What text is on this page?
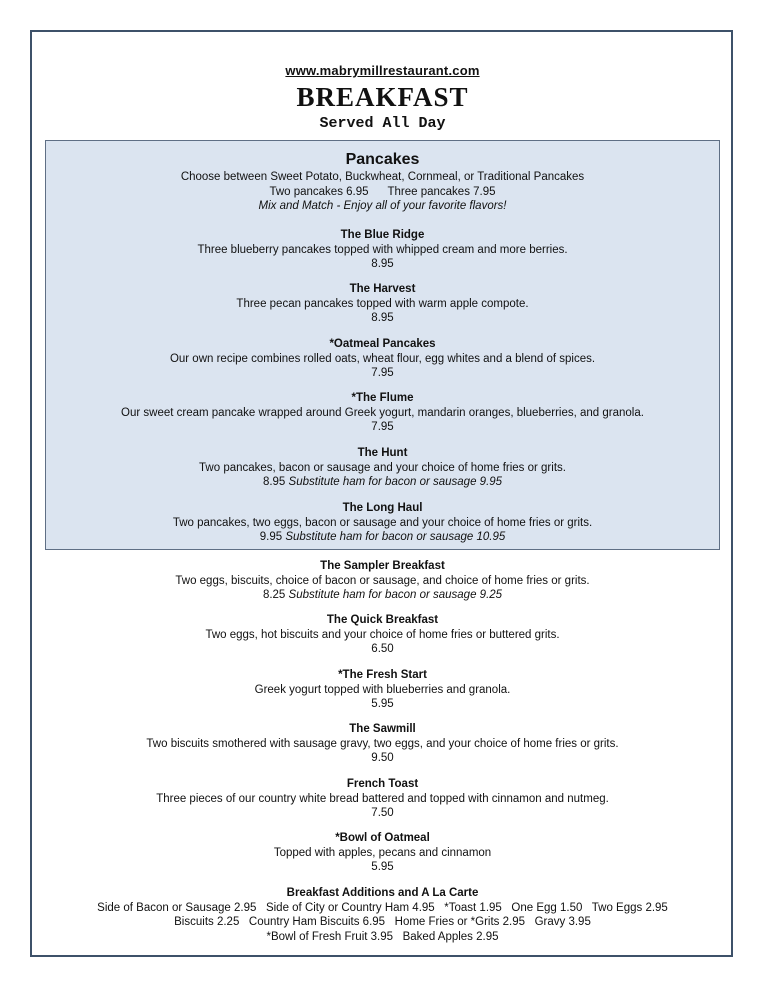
www.mabrymillrestaurant.com
BREAKFAST
Served All Day
Pancakes
Choose between Sweet Potato, Buckwheat, Cornmeal, or Traditional Pancakes
Two pancakes 6.95      Three pancakes 7.95
Mix and Match - Enjoy all of your favorite flavors!
The Blue Ridge
Three blueberry pancakes topped with whipped cream and more berries.
8.95
The Harvest
Three pecan pancakes topped with warm apple compote.
8.95
*Oatmeal Pancakes
Our own recipe combines rolled oats, wheat flour, egg whites and a blend of spices.
7.95
*The Flume
Our sweet cream pancake wrapped around Greek yogurt, mandarin oranges, blueberries, and granola.
7.95
The Hunt
Two pancakes, bacon or sausage and your choice of home fries or grits.
8.95 Substitute ham for bacon or sausage 9.95
The Long Haul
Two pancakes, two eggs, bacon or sausage and your choice of home fries or grits.
9.95 Substitute ham for bacon or sausage 10.95
The Sampler Breakfast
Two eggs, biscuits, choice of bacon or sausage, and choice of home fries or grits.
8.25 Substitute ham for bacon or sausage 9.25
The Quick Breakfast
Two eggs, hot biscuits and your choice of home fries or buttered grits.
6.50
*The Fresh Start
Greek yogurt topped with blueberries and granola.
5.95
The Sawmill
Two biscuits smothered with sausage gravy, two eggs, and your choice of home fries or grits.
9.50
French Toast
Three pieces of our country white bread battered and topped with cinnamon and nutmeg.
7.50
*Bowl of Oatmeal
Topped with apples, pecans and cinnamon
5.95
Breakfast Additions and A La Carte
Side of Bacon or Sausage 2.95   Side of City or Country Ham 4.95   *Toast 1.95   One Egg 1.50   Two Eggs 2.95
Biscuits 2.25   Country Ham Biscuits 6.95   Home Fries or *Grits 2.95   Gravy 3.95
*Bowl of Fresh Fruit 3.95   Baked Apples 2.95
